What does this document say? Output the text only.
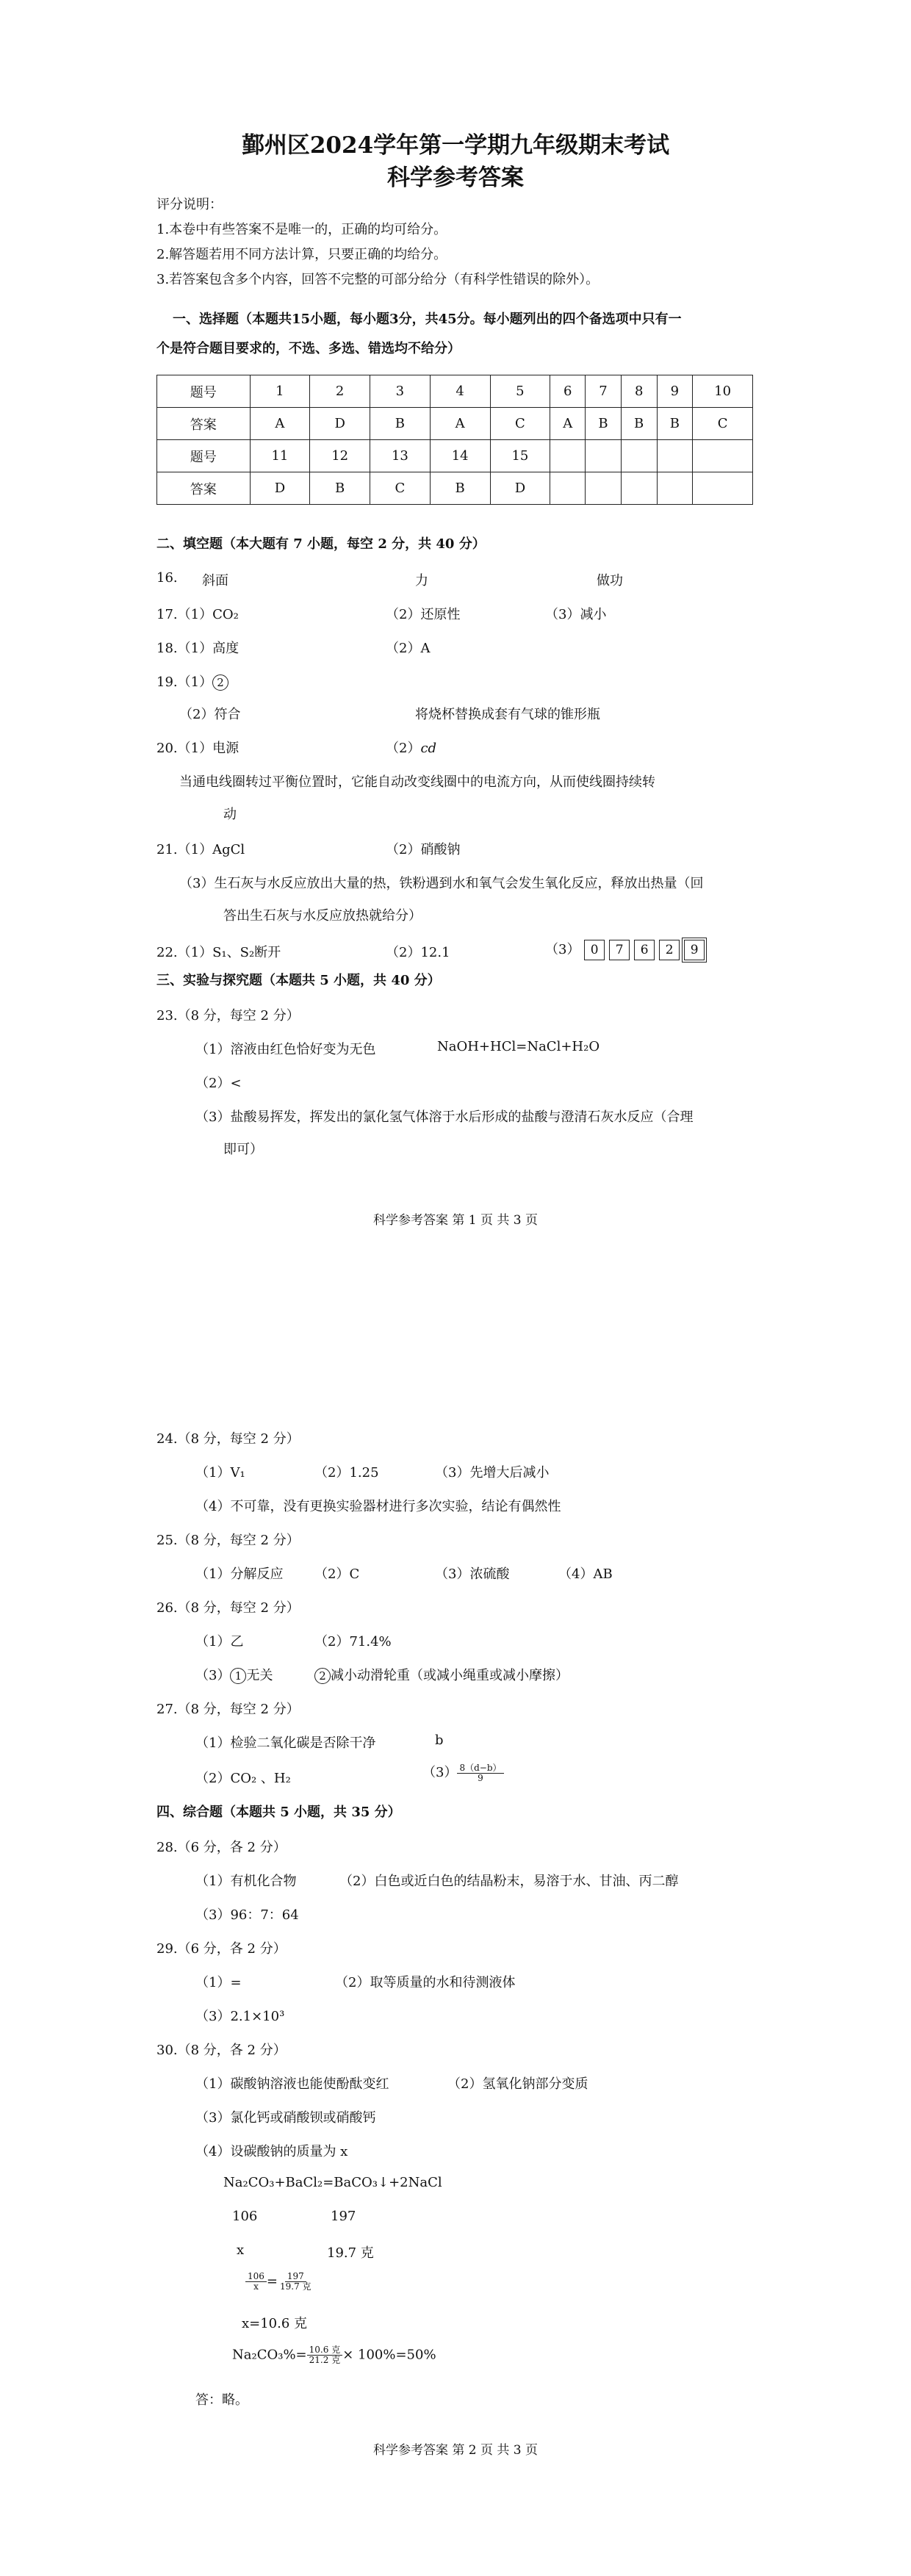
鄞州区2024学年第一学期九年级期末考试
科学参考答案
评分说明：
1.本卷中有些答案不是唯一的，正确的均可给分。
2.解答题若用不同方法计算，只要正确的均给分。
3.若答案包含多个内容，回答不完整的可部分给分（有科学性错误的除外）。
一、选择题（本题共15小题，每小题3分，共45分。每小题列出的四个备选项中只有一
个是符合题目要求的，不选、多选、错选均不给分）
题号	1	2	3	4	5	6	7	8	9	10
答案	A	D	B	A	C	A	B	B	B	C
题号	11	12	13	14	15					
答案	D	B	C	B	D					
二、填空题（本大题有 7 小题，每空 2 分，共 40 分）
16. 斜面	力	做功
17.（1）CO₂	（2）还原性	（3）减小
18.（1）高度	（2）A
19.（1） 2
（2）符合	将烧杯替换成套有气球的锥形瓶
20.（1）电源	（2）cd
当通电线圈转过平衡位置时，它能自动改变线圈中的电流方向，从而使线圈持续转
动
21.（1）AgCl	（2）硝酸钠
（3）生石灰与水反应放出大量的热，铁粉遇到水和氧气会发生氧化反应，释放出热量（回
答出生石灰与水反应放热就给分）
22.（1）S₁、S₂断开	（2）12.1	（3） 0	7	6	2	9
三、实验与探究题（本题共 5 小题，共 40 分）
23.（8 分，每空 2 分）
（1）溶液由红色恰好变为无色	NaOH+HCl=NaCl+H₂O
（2）<
（3）盐酸易挥发，挥发出的氯化氢气体溶于水后形成的盐酸与澄清石灰水反应（合理
即可）
科学参考答案 第 1 页 共 3 页
24.（8 分，每空 2 分）
（1）V₁	（2）1.25	（3）先增大后减小
（4）不可靠，没有更换实验器材进行多次实验，结论有偶然性
25.（8 分，每空 2 分）
（1）分解反应 （2）C	（3）浓硫酸	（4）AB
26.（8 分，每空 2 分）
（1）乙	（2）71.4%
（3） 1 无关	2 减小动滑轮重（或减小绳重或减小摩擦）
27.（8 分，每空 2 分）
（1）检验二氧化碳是否除干净	b
（2）CO₂ 、H₂	$(3) \frac{8(d-b)}{9}$
四、综合题（本题共 5 小题，共 35 分）
28.（6 分，各 2 分）
（1）有机化合物	（2）白色或近白色的结晶粉末，易溶于水、甘油、丙二醇
（3）96：7：64
29.（6 分，各 2 分）
（1）=	（2）取等质量的水和待测液体
（3）2.1×10³
30.（8 分，各 2 分）
（1）碳酸钠溶液也能使酚酞变红	（2）氢氧化钠部分变质
（3）氯化钙或硝酸钡或硝酸钙
（4）设碳酸钠的质量为 x
Na₂CO₃+BaCl₂=BaCO₃↓+2NaCl
106	197
x	19.7 克
$\frac{106}{x} = \frac{197}{\text{19.7 克}}$
x=10.6 克
$Na_2CO_3\%= \frac{\text{10.6 克}}{\text{21.2 克}} \times 100\%=50\%$
答：略。
科学参考答案 第 2 页 共 3 页
